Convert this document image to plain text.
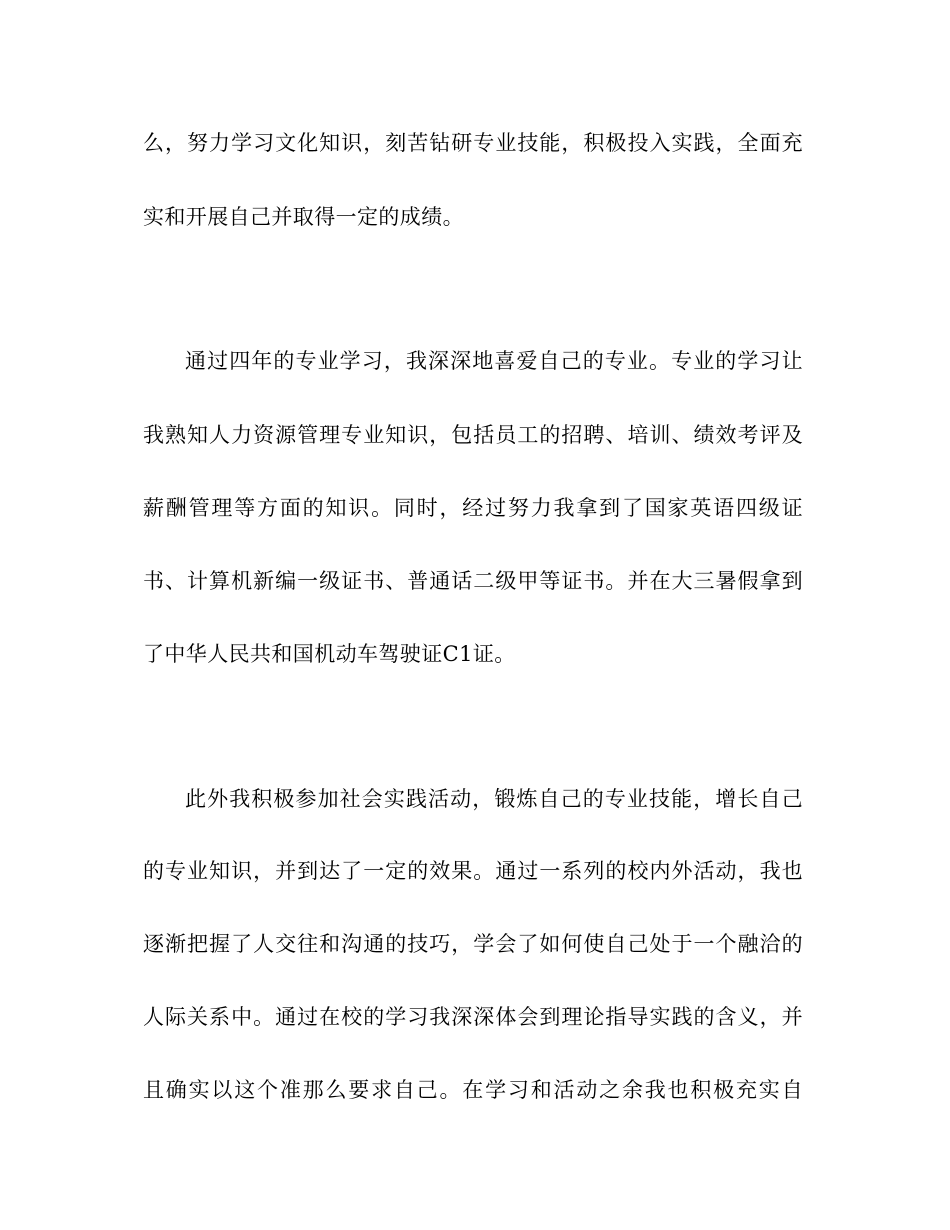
么，努力学习文化知识，刻苦钻研专业技能，积极投入实践，全面充
实和开展自己并取得一定的成绩。
通过四年的专业学习，我深深地喜爱自己的专业。专业的学习让
我熟知人力资源管理专业知识，包括员工的招聘、培训、绩效考评及
薪酬管理等方面的知识。同时，经过努力我拿到了国家英语四级证
书、计算机新编一级证书、普通话二级甲等证书。并在大三暑假拿到
了中华人民共和国机动车驾驶证C1证。
此外我积极参加社会实践活动，锻炼自己的专业技能，增长自己
的专业知识，并到达了一定的效果。通过一系列的校内外活动，我也
逐渐把握了人交往和沟通的技巧，学会了如何使自己处于一个融洽的
人际关系中。通过在校的学习我深深体会到理论指导实践的含义，并
且确实以这个准那么要求自己。在学习和活动之余我也积极充实自
